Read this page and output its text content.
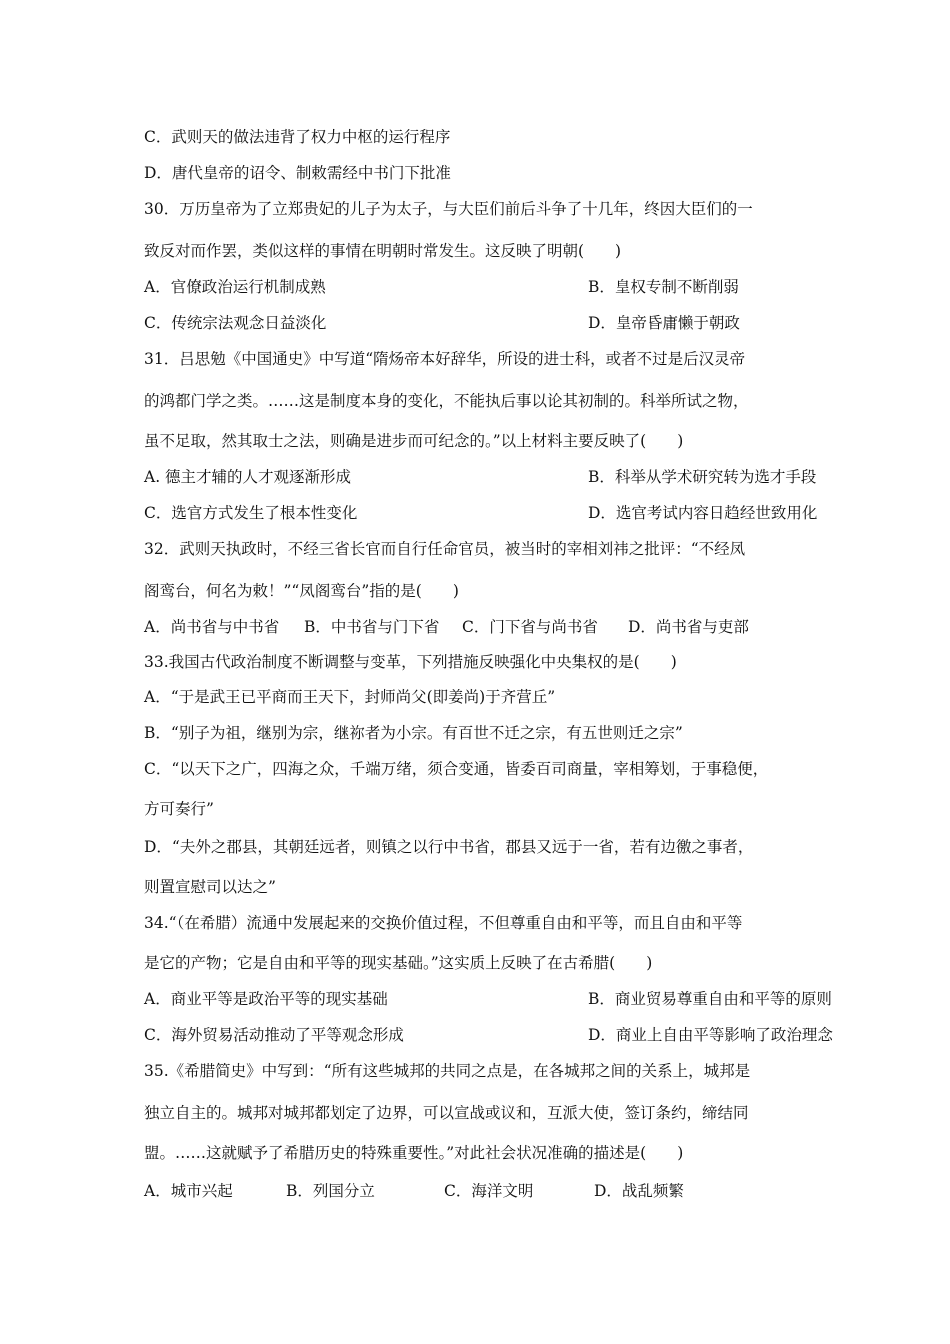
C．武则天的做法违背了权力中枢的运行程序
D．唐代皇帝的诏令、制敕需经中书门下批准
30．万历皇帝为了立郑贵妃的儿子为太子，与大臣们前后斗争了十几年，终因大臣们的一
致反对而作罢，类似这样的事情在明朝时常发生。这反映了明朝(　　)
A．官僚政治运行机制成熟	B．皇权专制不断削弱
C．传统宗法观念日益淡化	D．皇帝昏庸懒于朝政
31．吕思勉《中国通史》中写道“隋炀帝本好辞华，所设的进士科，或者不过是后汉灵帝
的鸿都门学之类。……这是制度本身的变化，不能执后事以论其初制的。科举所试之物，
虽不足取，然其取士之法，则确是进步而可纪念的。”以上材料主要反映了(　　)
A. 德主才辅的人才观逐渐形成	B．科举从学术研究转为选才手段
C．选官方式发生了根本性变化	D．选官考试内容日趋经世致用化
32．武则天执政时，不经三省长官而自行任命官员，被当时的宰相刘祎之批评：“不经凤
阁鸾台，何名为敕！”“凤阁鸾台”指的是(　　)
A．尚书省与中书省 B．中书省与门下省 C．门下省与尚书省 D．尚书省与吏部
33.我国古代政治制度不断调整与变革，下列措施反映强化中央集权的是(　　)
A．“于是武王已平商而王天下，封师尚父(即姜尚)于齐营丘”
B．“别子为祖，继别为宗，继祢者为小宗。有百世不迁之宗，有五世则迁之宗”
C．“以天下之广，四海之众，千端万绪，须合变通，皆委百司商量，宰相筹划，于事稳便，
方可奏行”
D．“夫外之郡县，其朝廷远者，则镇之以行中书省，郡县又远于一省，若有边徼之事者，
则置宣慰司以达之”
34.“（在希腊）流通中发展起来的交换价值过程，不但尊重自由和平等，而且自由和平等
是它的产物；它是自由和平等的现实基础。”这实质上反映了在古希腊(　　)
A．商业平等是政治平等的现实基础	B．商业贸易尊重自由和平等的原则
C．海外贸易活动推动了平等观念形成	D．商业上自由平等影响了政治理念
35.《希腊简史》中写到：“所有这些城邦的共同之点是，在各城邦之间的关系上，城邦是
独立自主的。城邦对城邦都划定了边界，可以宣战或议和，互派大使，签订条约，缔结同
盟。……这就赋予了希腊历史的特殊重要性。”对此社会状况准确的描述是(　　)
A．城市兴起	B．列国分立	C．海洋文明	D．战乱频繁
